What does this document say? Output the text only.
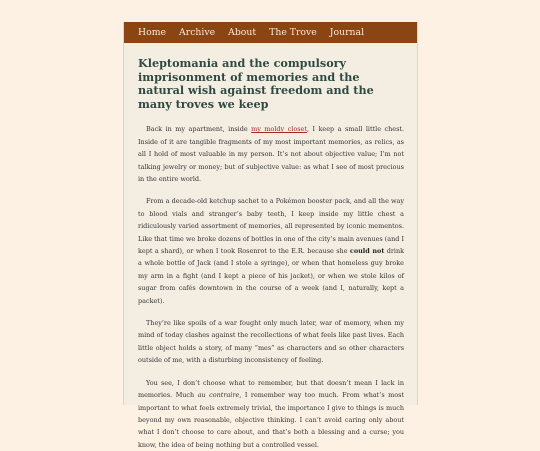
Home Archive About The Trove Journal
Kleptomania and the compulsory imprisonment of memories and the natural wish against freedom and the many troves we keep

Back in my apartment, inside my moldy closet, I keep a small little chest. Inside of it are tangible fragments of my most important memories, as relics, as all I hold of most valuable in my person. It’s not about objective value; I’m not talking jewelry or money; but of subjective value: as what I see of most precious in the entire world.

From a decade-old ketchup sachet to a Pokémon booster pack, and all the way to blood vials and stranger’s baby teeth, I keep inside my little chest a ridiculously varied assortment of memories, all represented by iconic mementos. Like that time we broke dozens of bottles in one of the city’s main avenues (and I kept a shard), or when I took Rosenrot to the E.R. because she could not drink a whole bottle of Jack (and I stole a syringe), or when that homeless guy broke my arm in a fight (and I kept a piece of his jacket), or when we stole kilos of sugar from cafés downtown in the course of a week (and I, naturally, kept a packet).

They’re like spoils of a war fought only much later, war of memory, when my mind of today clashes against the recollections of what feels like past lives. Each little object holds a story, of many “mes” as characters and so other characters outside of me, with a disturbing inconsistency of feeling.

You see, I don’t choose what to remember, but that doesn’t mean I lack in memories. Much au contraire, I remember way too much. From what’s most important to what feels extremely trivial, the importance I give to things is much beyond my own reasonable, objective thinking. I can’t avoid caring only about what I don’t choose to care about, and that’s both a blessing and a curse; you know, the idea of being nothing but a controlled vessel.
